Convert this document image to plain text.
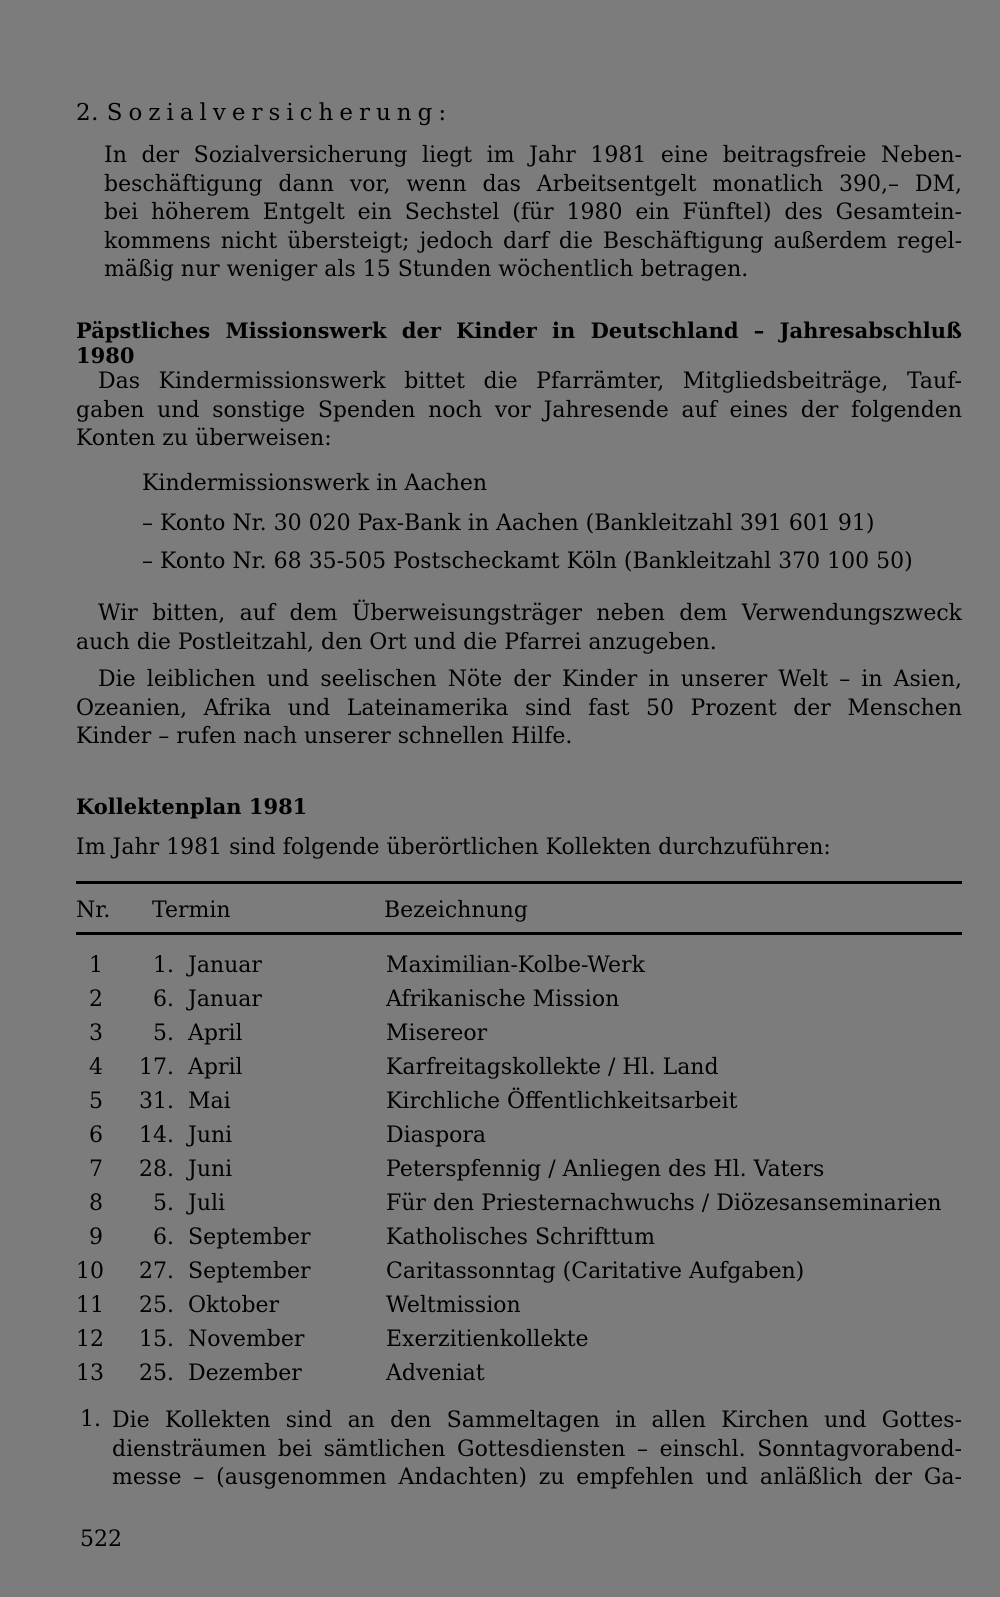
2. Sozialversicherung:
In der Sozialversicherung liegt im Jahr 1981 eine beitragsfreie Neben-
beschäftigung dann vor, wenn das Arbeitsentgelt monatlich 390,– DM,
bei höherem Entgelt ein Sechstel (für 1980 ein Fünftel) des Gesamtein-
kommens nicht übersteigt; jedoch darf die Beschäftigung außerdem regel-
mäßig nur weniger als 15 Stunden wöchentlich betragen.
Päpstliches Missionswerk der Kinder in Deutschland – Jahresabschluß 1980
Das Kindermissionswerk bittet die Pfarrämter, Mitgliedsbeiträge, Tauf-
gaben und sonstige Spenden noch vor Jahresende auf eines der folgenden
Konten zu überweisen:
Kindermissionswerk in Aachen
– Konto Nr. 30 020 Pax-Bank in Aachen (Bankleitzahl 391 601 91)
– Konto Nr. 68 35-505 Postscheckamt Köln (Bankleitzahl 370 100 50)
Wir bitten, auf dem Überweisungsträger neben dem Verwendungszweck
auch die Postleitzahl, den Ort und die Pfarrei anzugeben.
Die leiblichen und seelischen Nöte der Kinder in unserer Welt – in Asien,
Ozeanien, Afrika und Lateinamerika sind fast 50 Prozent der Menschen
Kinder – rufen nach unserer schnellen Hilfe.
Kollektenplan 1981
Im Jahr 1981 sind folgende überörtlichen Kollekten durchzuführen:
Nr. Termin	Bezeichnung
1	1. Januar	Maximilian-Kolbe-Werk
2	6. Januar	Afrikanische Mission
3	5. April	Misereor
4 17. April	Karfreitagskollekte / Hl. Land
5 31. Mai	Kirchliche Öffentlichkeitsarbeit
6 14. Juni	Diaspora
7 28. Juni	Peterspfennig / Anliegen des Hl. Vaters
8	5. Juli	Für den Priesternachwuchs / Diözesanseminarien
9	6. September	Katholisches Schrifttum
10 27. September	Caritassonntag (Caritative Aufgaben)
11 25. Oktober	Weltmission
12 15. November	Exerzitienkollekte
13 25. Dezember	Adveniat
1. Die Kollekten sind an den Sammeltagen in allen Kirchen und Gottes-
diensträumen bei sämtlichen Gottesdiensten – einschl. Sonntagvorabend-
messe – (ausgenommen Andachten) zu empfehlen und anläßlich der Ga-
522
